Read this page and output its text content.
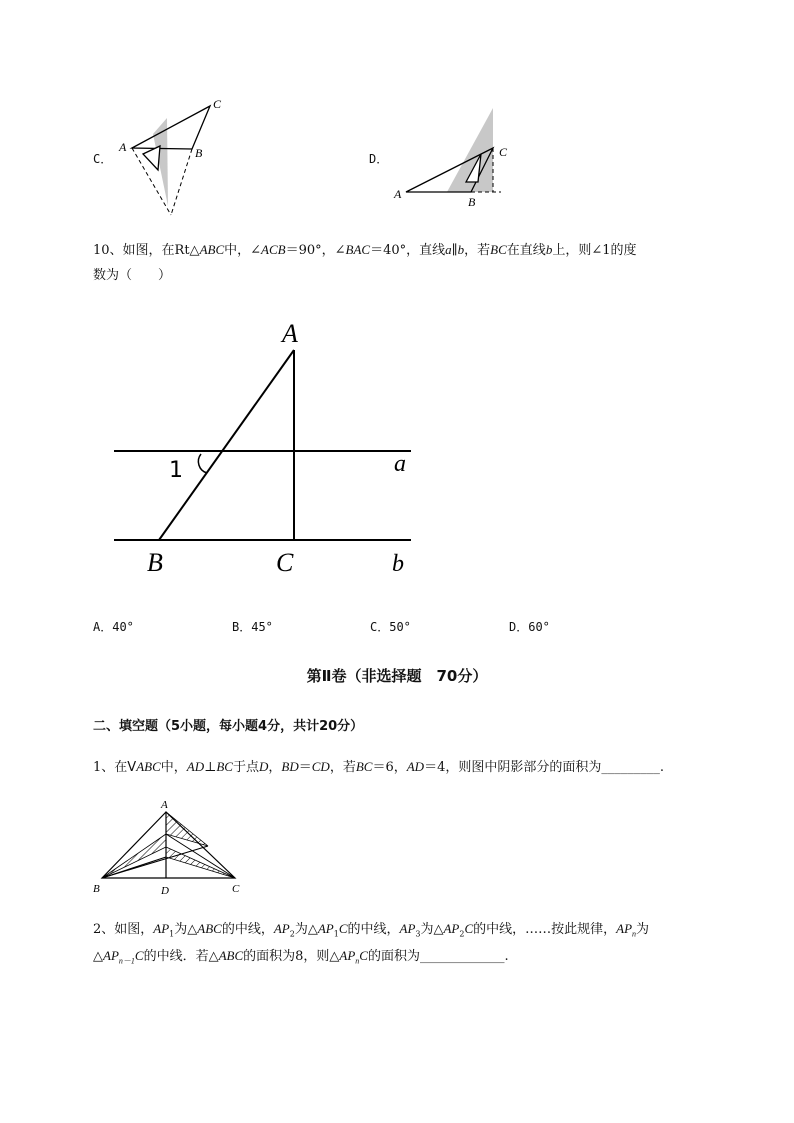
C．
A	B
C
D．
A
B
C
10、如图，在Rt△ABC中，∠ACB＝90°，∠BAC＝40°，直线a∥b，若BC在直线b上，则∠1的度
数为（　　）
A
B	C
a
b
1
A．40°	B．45°	C．50°	D．60°
第Ⅱ卷（非选择题　70分）
二、填空题（5小题，每小题4分，共计20分）
1、在VABC中，AD⊥BC于点D，BD＝CD，若BC＝6，AD＝4，则图中阴影部分的面积为_________.
A
B	D	C
2、如图，$AP_1$为△ABC的中线，$AP_2$为$\triangle AP_1C$的中线，$AP_3$为$\triangle AP_2C$的中线，……按此规律，$AP_n$为
$\triangle AP_{n-1}C$的中线．若△ABC的面积为8，则$\triangle AP_nC$的面积为_____________.
